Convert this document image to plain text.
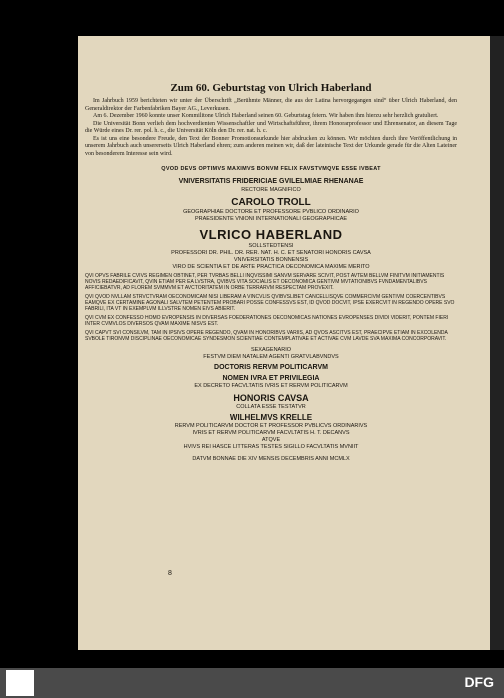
Zum 60. Geburtstag von Ulrich Haberland

Im Jahrbuch 1959 berichteten wir unter der Überschrift „Berühmte Männer, die aus der Latina hervorgegangen sind“ über Ulrich Haberland, den Generaldirektor der Farbenfabriken Bayer AG., Leverkusen.

Am 6. Dezember 1960 konnte unser Kommilitone Ulrich Haberland seinen 60. Geburtstag feiern. Wir haben ihm hierzu sehr herzlich gratuliert.

Die Universität Bonn verlieh dem hochverdienten Wissenschaftler und Wirtschaftsführer, ihrem Honorarprofessor und Ehrensenator, an diesem Tage die Würde eines Dr. rer. pol. h. c., die Universität Köln den Dr. rer. nat. h. c.

Es ist uns eine besondere Freude, den Text der Bonner Promotionsurkunde hier abdrucken zu können. Wir möchten durch ihre Veröffentlichung in unserem Jahrbuch auch unsererseits Ulrich Haberland ehren; zum anderen meinen wir, daß der lateinische Text der Urkunde gerade für die Alten Lateiner von besonderem Interesse sein wird.

QVOD DEVS OPTIMVS MAXIMVS BONVM FELIX FAVSTVMQVE ESSE IVBEAT
VNIVERSITATIS FRIDERICIAE GVILELMIAE RHENANAE
RECTORE MAGNIFICO
CAROLO TROLL
GEOGRAPHIAE DOCTORE ET PROFESSORE PVBLICO ORDINARIO
PRAESIDENTE VNIONI INTERNATIONALI GEOGRAPHICAE
VLRICO HABERLAND
SOLLSTEDTENSI
PROFESSORI DR. PHIL. DR. RER. NAT. H. C. ET SENATORI HONORIS CAVSA
VNIVERSITATIS BONNENSIS
VIRO DE SCIENTIA ET DE ARTE PRACTICA OECONOMICA MAXIME MERITO
QVI OPVS FABRILE CVIVS REGIMEN OBTINET, PER TVRBAS BELLI INQVISSIMI SANVM SERVARE SCIVIT, POST AVTEM BELLVM FINITVM INITIAMENTIS NOVIS REDAEDIFICAVIT, QVIN ETIAM PER EA LVSTRA, QVIBVS VITA SOCIALIS ET OECONOMICA GENTIVM MVTATIONIBVS FVNDAMENTALIBVS AFFICIEBATVR, AD FLOREM SVMMVM ET AVCTORITATEM IN ORBE TERRARVM RESPECTAM PROVEXIT.
QVI QVOD NVLLAM STRVCTVRAM OECONOMICAM NISI LIBERAM A VINCVLIS QVIBVSLIBET CANCELLISQVE COMMERCIVM GENTIVM COERCENTIBVS EAMQVE EX CERTAMINE AGONALI SALVTEM PETENTEM PROBARI POSSE CONFESSVS EST, ID QVOD DOCVIT, IPSE EXERCVIT IN REGENDO OPERE SVO FABRILI, ITA VT IN EXEMPLVM ILLVSTRE NOMEN EIVS ABIERIT.
QVI CVM EX CONFESSO HOMO EVROPENSIS IN DIVERSAS FOEDERATIONES OECONOMICAS NATIONES EVROPENSES DIVIDI VIDERIT, PONTEM FIERI INTER CVMVLOS DIVERSOS QVAM MAXIME NISVS EST.
QVI CAPVT SVI CONSILVM, TAM IN IPSIVS OPERE REGENDO, QVAM IN HONORIBVS VARIIS, AD QVOS ASCITVS EST, PRAECIPVE ETIAM IN EXCOLENDA SVBOLE TIRONVM DISCIPLINAE OECONOMICAE SYNDESMON SCIENTIAE CONTEMPLATIVAE ET ACTIVAE CVM LAVDE SVA MAXIMA CONCORPORAVIT.
SEXAGENARIO
FESTVM DIEM NATALEM AGENTI GRATVLABVNDVS
DOCTORIS RERVM POLITICARVM
NOMEN IVRA ET PRIVILEGIA
EX DECRETO FACVLTATIS IVRIS ET RERVM POLITICARVM
HONORIS CAVSA
COLLATA ESSE TESTATVR
WILHELMVS KRELLE
RERVM POLITICARVM DOCTOR ET PROFESSOR PVBLICVS ORDINARIVS
IVRIS ET RERVM POLITICARVM FACVLTATIS H. T. DECANVS
ATQVE
HVIVS REI HASCE LITTERAS TESTES SIGILLO FACVLTATIS MVNIIT
DATVM BONNAE DIE XIV MENSIS DECEMBRIS ANNI MCMLX
8
DFG
